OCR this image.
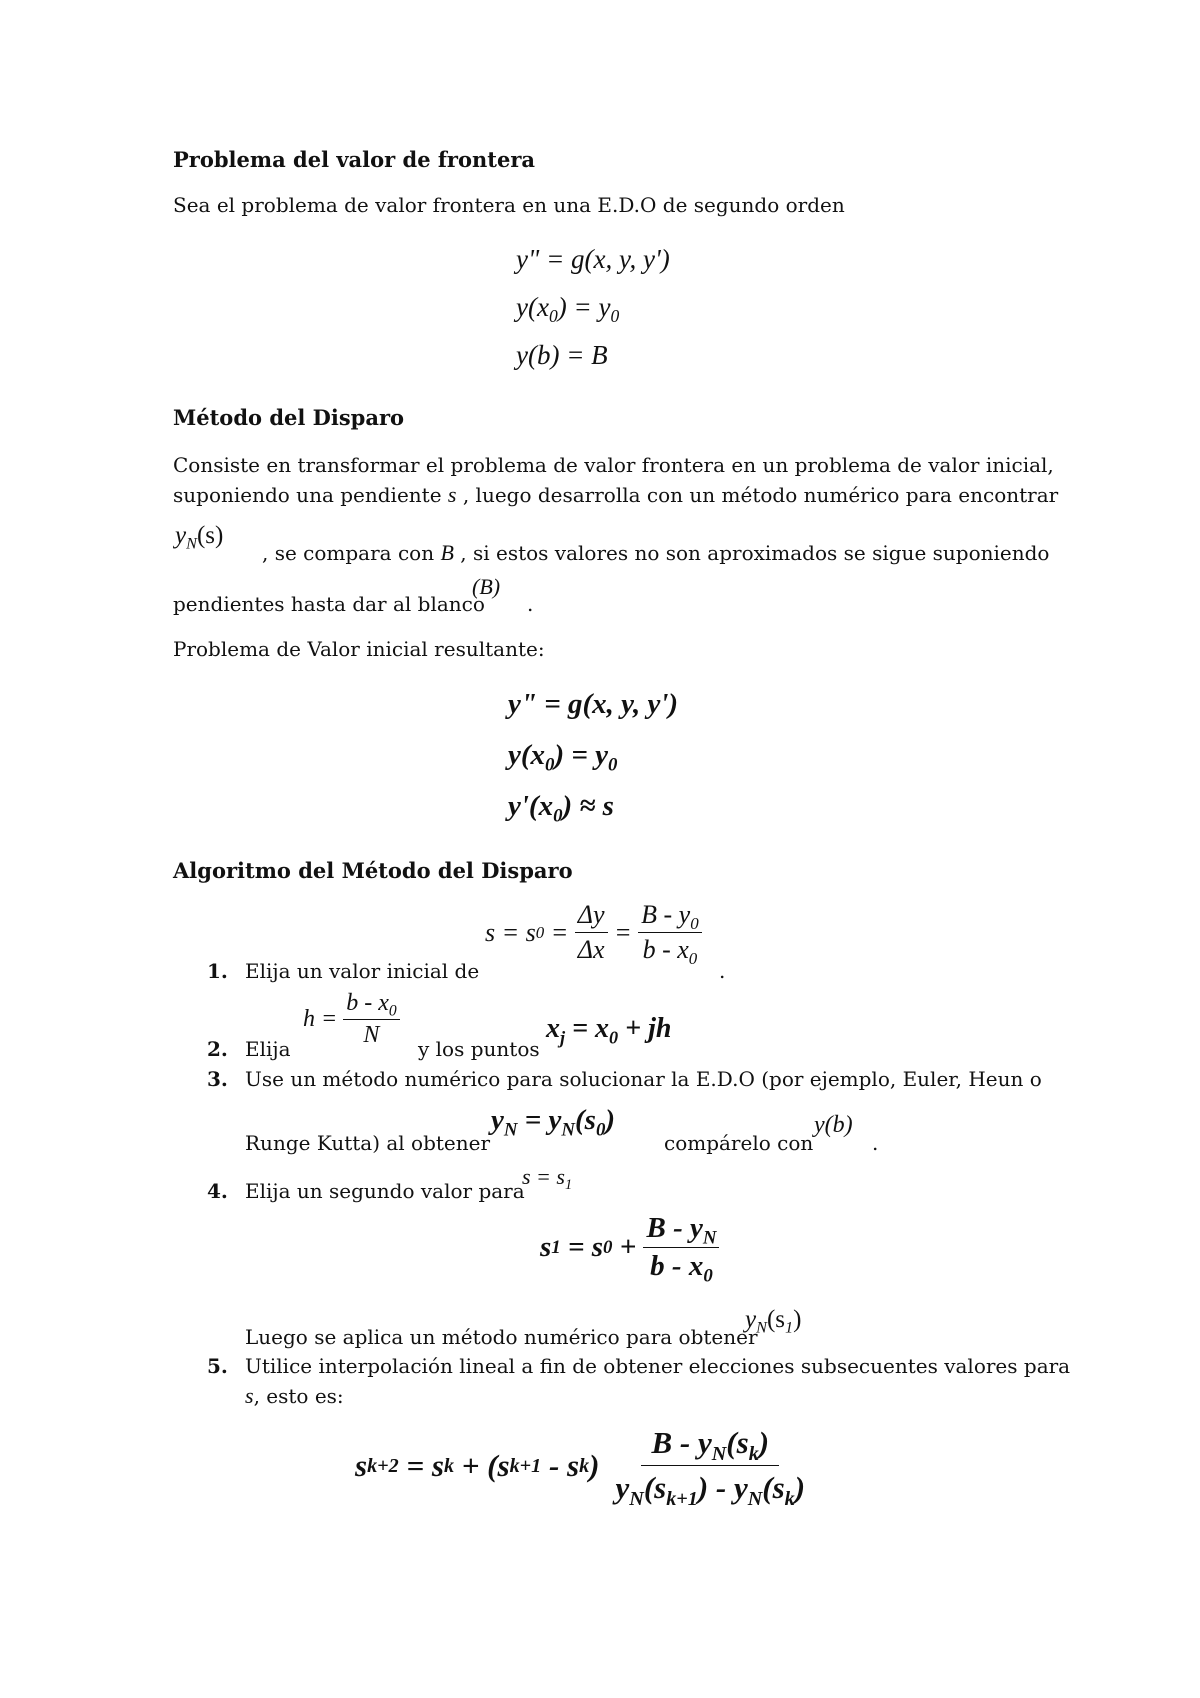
Problema del valor de frontera
Sea el problema de valor frontera en una E.D.O de segundo orden
y" = g(x, y, y')
$y(x_0) = y_0$
y(b) = B
Método del Disparo
Consiste en transformar el problema de valor frontera en un problema de valor inicial,
suponiendo una pendiente s , luego desarrolla con un método numérico para encontrar
$y_N(s)$
, se compara con B , si estos valores no son aproximados se sigue suponiendo
pendientes hasta dar al blanco
(B)
.
Problema de Valor inicial resultante:
y" = g(x, y, y')
$y(x_0) = y_0$
$y'(x_0) \approx s$
Algoritmo del Método del Disparo
s = s $0 = \frac{\Delta y}{\Delta x} = \frac{B - y_0}{b - x_0}$
1. Elija un valor inicial de	.
h =
$\frac{b - x_0}{N}$
2. Elija	y los puntos
$x_j = x_0$ + jh
3. Use un método numérico para solucionar la E.D.O (por ejemplo, Euler, Heun o
Runge Kutta) al obtener
$y_N = y_N(s_0)$
compárelo con
y(b)
.
4. Elija un segundo valor para
$s = s_1$
s 1
= s 0
+
$\frac{B - y_N}{b - x_0}$
Luego se aplica un método numérico para obtener
$y_N(s_1)$
5. Utilice interpolación lineal a fin de obtener elecciones subsecuentes valores para
s, esto es:
s k+2
= s k
+ (s k+1
- s k ) $\frac{B - y_N(s_k)}{y_N(s_{k+1}) - y_N(s_k)}$
